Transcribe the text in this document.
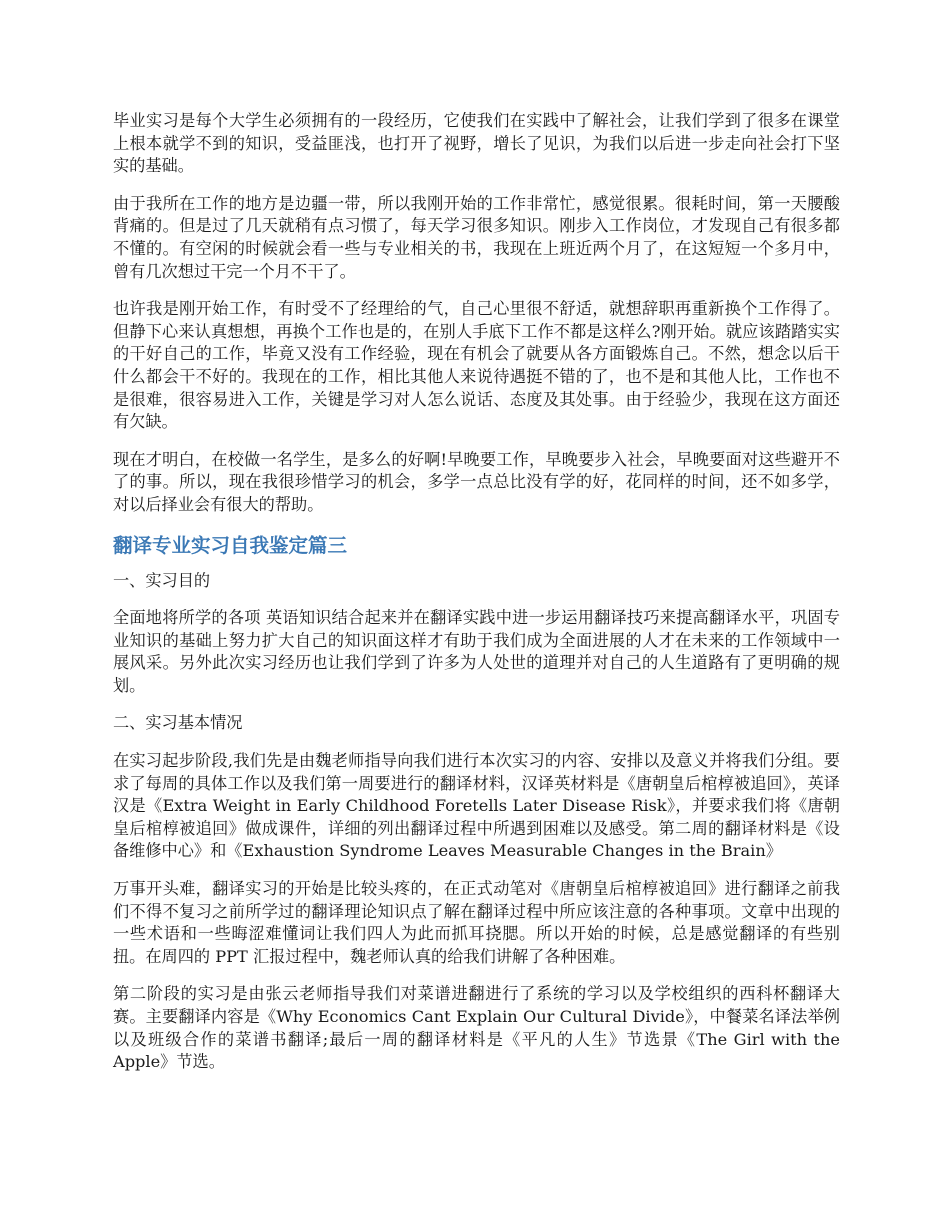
毕业实习是每个大学生必须拥有的一段经历，它使我们在实践中了解社会，让我们学到了很多在课堂上根本就学不到的知识，受益匪浅，也打开了视野，增长了见识，为我们以后进一步走向社会打下坚实的基础。

由于我所在工作的地方是边疆一带，所以我刚开始的工作非常忙，感觉很累。很耗时间，第一天腰酸背痛的。但是过了几天就稍有点习惯了，每天学习很多知识。刚步入工作岗位，才发现自己有很多都不懂的。有空闲的时候就会看一些与专业相关的书，我现在上班近两个月了，在这短短一个多月中，曾有几次想过干完一个月不干了。

也许我是刚开始工作，有时受不了经理给的气，自己心里很不舒适，就想辞职再重新换个工作得了。但静下心来认真想想，再换个工作也是的，在别人手底下工作不都是这样么?刚开始。就应该踏踏实实的干好自己的工作，毕竟又没有工作经验，现在有机会了就要从各方面锻炼自己。不然，想念以后干什么都会干不好的。我现在的工作，相比其他人来说待遇挺不错的了，也不是和其他人比，工作也不是很难，很容易进入工作，关键是学习对人怎么说话、态度及其处事。由于经验少，我现在这方面还有欠缺。

现在才明白，在校做一名学生，是多么的好啊!早晚要工作，早晚要步入社会，早晚要面对这些避开不了的事。所以，现在我很珍惜学习的机会，多学一点总比没有学的好，花同样的时间，还不如多学，对以后择业会有很大的帮助。

翻译专业实习自我鉴定篇三

一、实习目的

全面地将所学的各项 英语知识结合起来并在翻译实践中进一步运用翻译技巧来提高翻译水平，巩固专业知识的基础上努力扩大自己的知识面这样才有助于我们成为全面进展的人才在未来的工作领域中一展风采。另外此次实习经历也让我们学到了许多为人处世的道理并对自己的人生道路有了更明确的规划。

二、实习基本情况

在实习起步阶段,我们先是由魏老师指导向我们进行本次实习的内容、安排以及意义并将我们分组。要求了每周的具体工作以及我们第一周要进行的翻译材料，汉译英材料是《唐朝皇后棺椁被追回》，英译汉是《Extra Weight in Early Childhood Foretells Later Disease Risk》，并要求我们将《唐朝皇后棺椁被追回》做成课件，详细的列出翻译过程中所遇到困难以及感受。第二周的翻译材料是《设备维修中心》和《Exhaustion Syndrome Leaves Measurable Changes in the Brain》

万事开头难，翻译实习的开始是比较头疼的，在正式动笔对《唐朝皇后棺椁被追回》进行翻译之前我们不得不复习之前所学过的翻译理论知识点了解在翻译过程中所应该注意的各种事项。文章中出现的一些术语和一些晦涩难懂词让我们四人为此而抓耳挠腮。所以开始的时候，总是感觉翻译的有些别扭。在周四的 PPT 汇报过程中，魏老师认真的给我们讲解了各种困难。

第二阶段的实习是由张云老师指导我们对菜谱进翻进行了系统的学习以及学校组织的西科杯翻译大赛。主要翻译内容是《Why Economics Cant Explain Our Cultural Divide》，中餐菜名译法举例以及班级合作的菜谱书翻译;最后一周的翻译材料是《平凡的人生》节选景《The Girl with the Apple》节选。
